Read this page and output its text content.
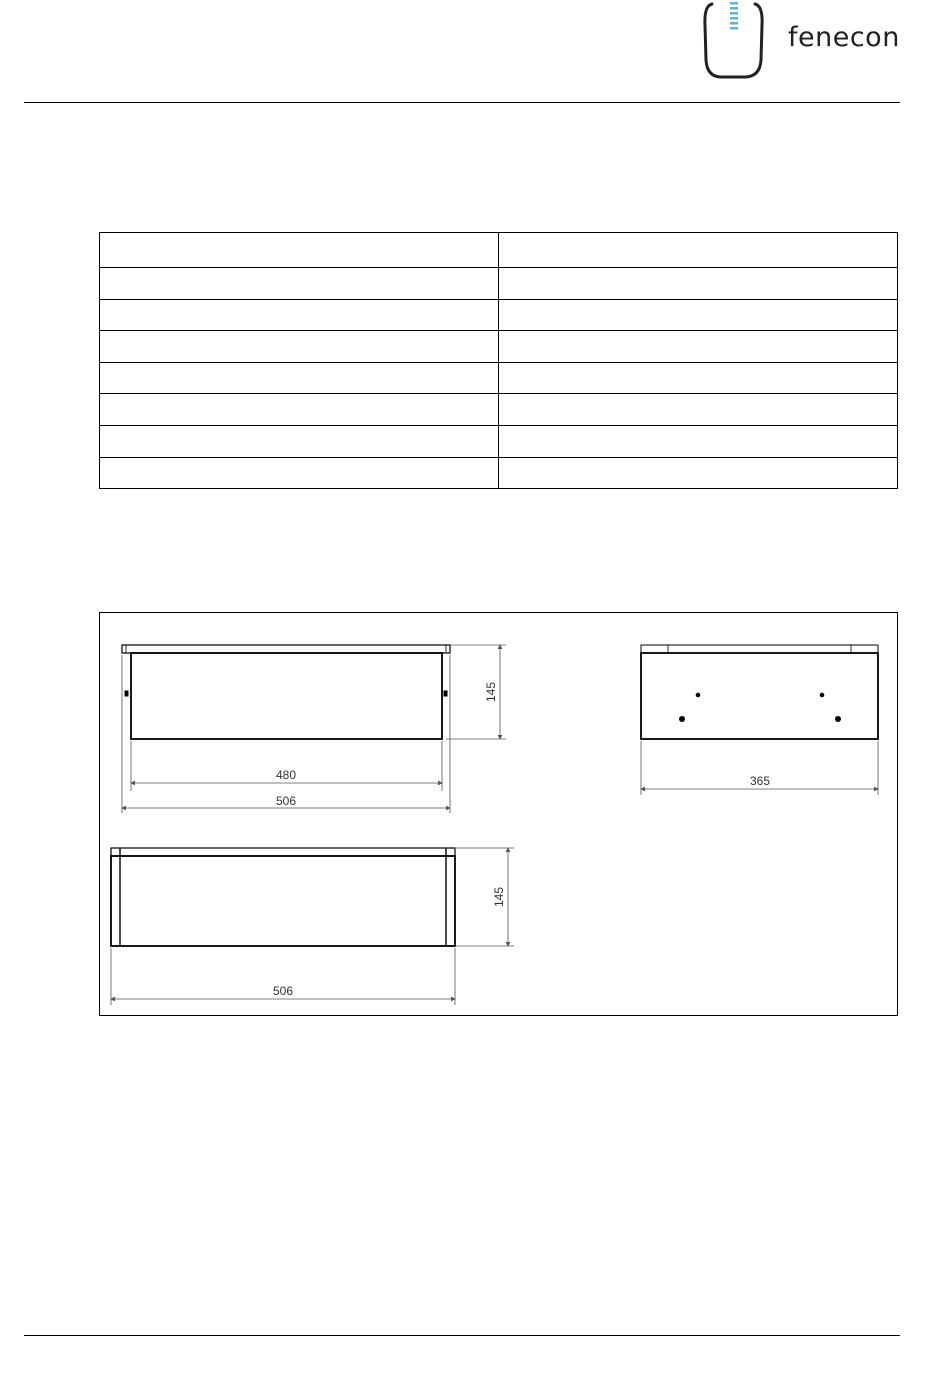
fenecon

480
506
145
365
506
145
